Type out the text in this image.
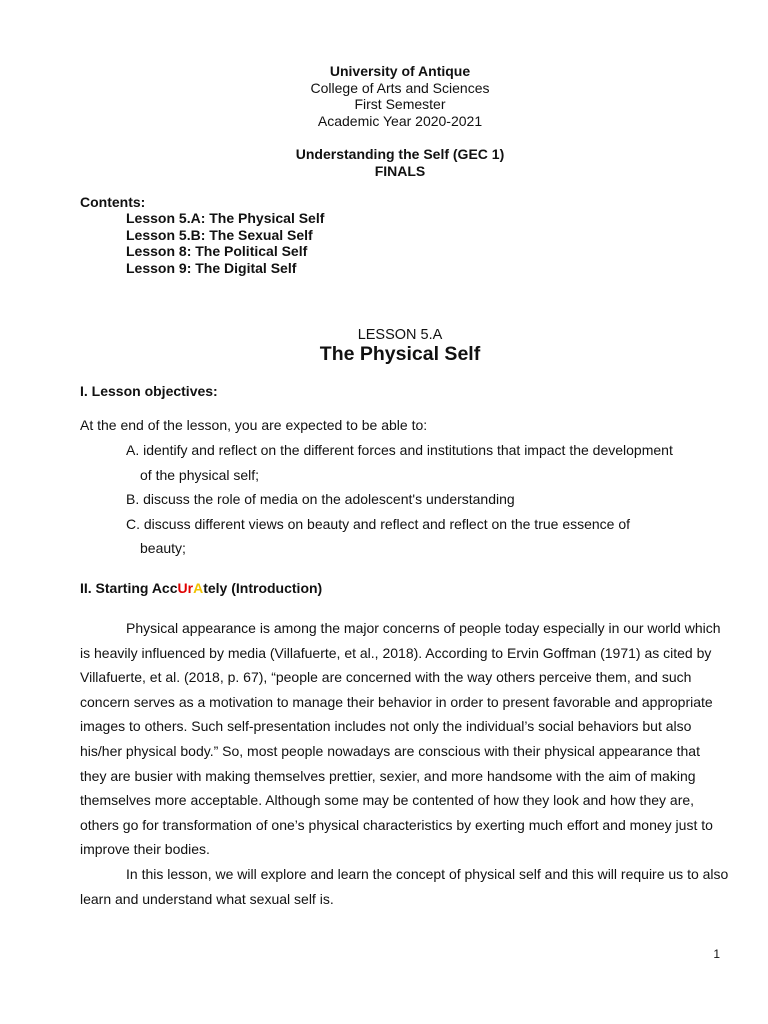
University of Antique
College of Arts and Sciences
First Semester
Academic Year 2020-2021
Understanding the Self (GEC 1)
FINALS
Contents:
Lesson 5.A: The Physical Self
Lesson 5.B: The Sexual Self
Lesson 8: The Political Self
Lesson 9: The Digital Self
LESSON 5.A
The Physical Self
I. Lesson objectives:
At the end of the lesson, you are expected to be able to:
A. identify and reflect on the different forces and institutions that impact the development
of the physical self;
B. discuss the role of media on the adolescent's understanding
C. discuss different views on beauty and reflect and reflect on the true essence of
beauty;
II. Starting AccUrAtely (Introduction)
Physical appearance is among the major concerns of people today especially in our world which
is heavily influenced by media (Villafuerte, et al., 2018). According to Ervin Goffman (1971) as cited by
Villafuerte, et al. (2018, p. 67), “people are concerned with the way others perceive them, and such
concern serves as a motivation to manage their behavior in order to present favorable and appropriate
images to others. Such self-presentation includes not only the individual’s social behaviors but also
his/her physical body.” So, most people nowadays are conscious with their physical appearance that
they are busier with making themselves prettier, sexier, and more handsome with the aim of making
themselves more acceptable. Although some may be contented of how they look and how they are,
others go for transformation of one’s physical characteristics by exerting much effort and money just to
improve their bodies.
In this lesson, we will explore and learn the concept of physical self and this will require us to also
learn and understand what sexual self is.
1
